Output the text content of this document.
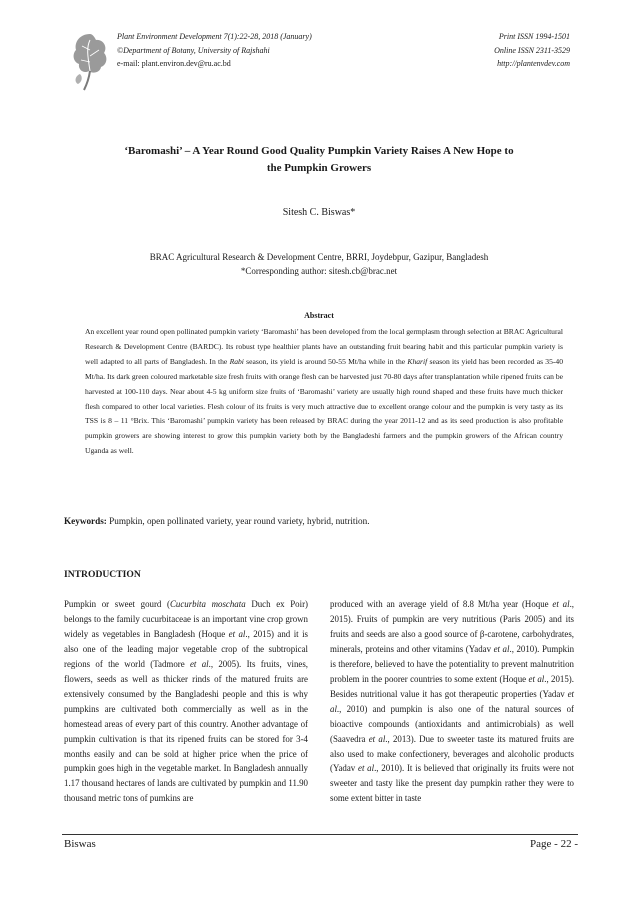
Plant Environment Development 7(1):22-28, 2018 (January)
©Department of Botany, University of Rajshahi
e-mail: plant.environ.dev@ru.ac.bd
Print ISSN 1994-1501
Online ISSN 2311-3529
http://plantenvdev.com
‘Baromashi’ – A Year Round Good Quality Pumpkin Variety Raises A New Hope to
the Pumpkin Growers
Sitesh C. Biswas*
BRAC Agricultural Research & Development Centre, BRRI, Joydebpur, Gazipur, Bangladesh
*Corresponding author: sitesh.cb@brac.net
Abstract
An excellent year round open pollinated pumpkin variety ‘Baromashi’ has been developed from the local germplasm through selection at BRAC Agricultural Research & Development Centre (BARDC). Its robust type healthier plants have an outstanding fruit bearing habit and this particular pumpkin variety is well adapted to all parts of Bangladesh. In the Rabi season, its yield is around 50-55 Mt/ha while in the Kharif season its yield has been recorded as 35-40 Mt/ha. Its dark green coloured marketable size fresh fruits with orange flesh can be harvested just 70-80 days after transplantation while ripened fruits can be harvested at 100-110 days. Near about 4-5 kg uniform size fruits of ‘Baromashi’ variety are usually high round shaped and these fruits have much thicker flesh compared to other local varieties. Flesh colour of its fruits is very much attractive due to excellent orange colour and the pumpkin is very tasty as its TSS is 8 – 11 °Brix. This ‘Baromashi’ pumpkin variety has been released by BRAC during the year 2011-12 and as its seed production is also profitable pumpkin growers are showing interest to grow this pumpkin variety both by the Bangladeshi farmers and the pumpkin growers of the African country Uganda as well.
Keywords: Pumpkin, open pollinated variety, year round variety, hybrid, nutrition.
INTRODUCTION

Pumpkin or sweet gourd (Cucurbita moschata Duch ex Poir) belongs to the family cucurbitaceae is an important vine crop grown widely as vegetables in Bangladesh (Hoque et al., 2015) and it is also one of the leading major vegetable crop of the subtropical regions of the world (Tadmore et al., 2005). Its fruits, vines, flowers, seeds as well as thicker rinds of the matured fruits are extensively consumed by the Bangladeshi people and this is why pumpkins are cultivated both commercially as well as in the homestead areas of every part of this country. Another advantage of pumpkin cultivation is that its ripened fruits can be stored for 3-4 months easily and can be sold at higher price when the price of pumpkin goes high in the vegetable market. In Bangladesh annually 1.17 thousand hectares of lands are cultivated by pumpkin and 11.90 thousand metric tons of pumkins are

produced with an average yield of 8.8 Mt/ha year (Hoque et al., 2015). Fruits of pumpkin are very nutritious (Paris 2005) and its fruits and seeds are also a good source of β-carotene, carbohydrates, minerals, proteins and other vitamins (Yadav et al., 2010). Pumpkin is therefore, believed to have the potentiality to prevent malnutrition problem in the poorer countries to some extent (Hoque et al., 2015). Besides nutritional value it has got therapeutic properties (Yadav et al., 2010) and pumpkin is also one of the natural sources of bioactive compounds (antioxidants and antimicrobials) as well (Saavedra et al., 2013). Due to sweeter taste its matured fruits are also used to make confectionery, beverages and alcoholic products (Yadav et al., 2010). It is believed that originally its fruits were not sweeter and tasty like the present day pumpkin rather they were to some extent bitter in taste

Biswas	Page - 22 -
